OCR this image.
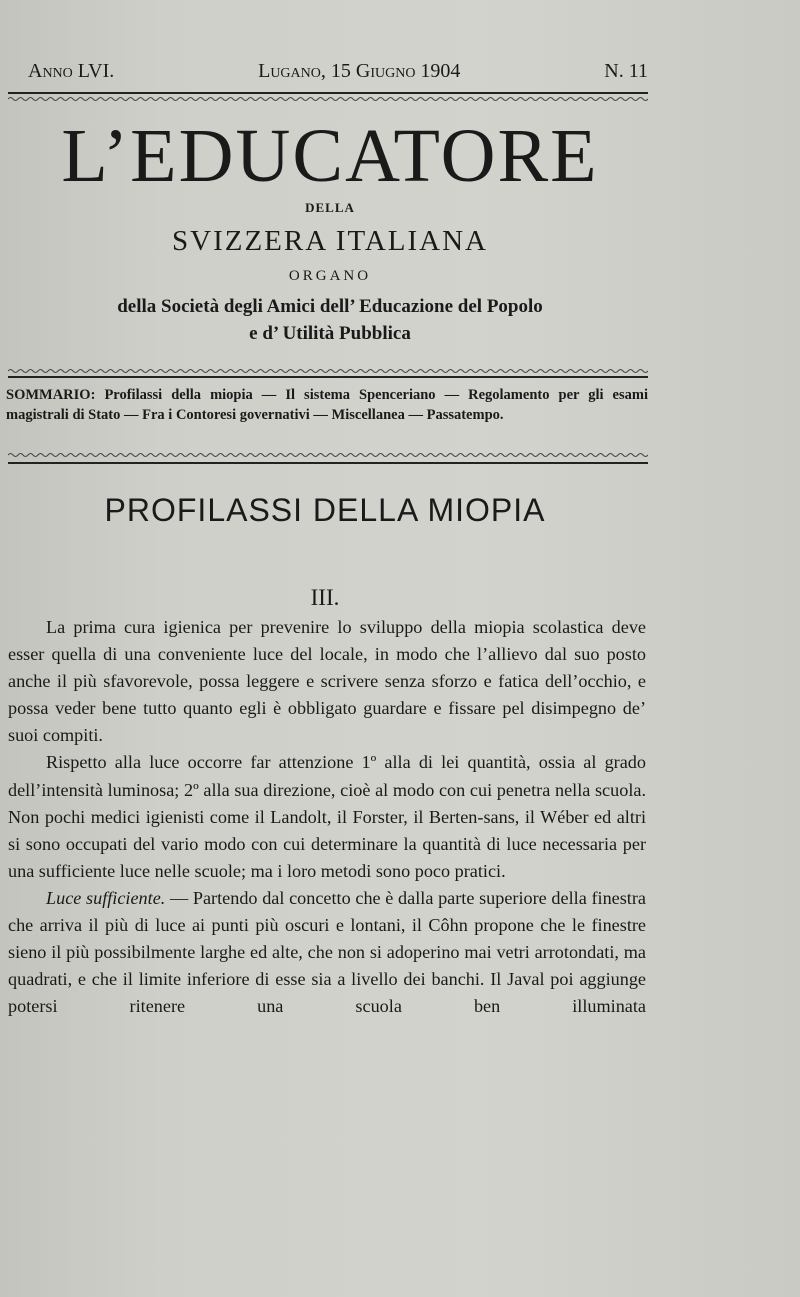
Anno LVI.	Lugano, 15 Giugno 1904	N. 11
L’EDUCATORE
DELLA
SVIZZERA ITALIANA
ORGANO
della Società degli Amici dell’ Educazione del Popolo
e d’ Utilità Pubblica
SOMMARIO: Profilassi della miopia — Il sistema Spenceriano — Regolamento per gli esami magistrali di Stato — Fra i Contoresi governativi — Miscellanea — Passatempo.
PROFILASSI DELLA MIOPIA
III.

La prima cura igienica per prevenire lo sviluppo della miopia scolastica deve esser quella di una conveniente luce del locale, in modo che l’allievo dal suo posto anche il più sfavorevole, possa leggere e scrivere senza sforzo e fatica dell’occhio, e possa veder bene tutto quanto egli è obbligato guardare e fissare pel disimpegno de’ suoi compiti.

Rispetto alla luce occorre far attenzione 1º alla di lei quantità, ossia al grado dell’intensità luminosa; 2º alla sua direzione, cioè al modo con cui penetra nella scuola. Non pochi medici igienisti come il Landolt, il Forster, il Berten-sans, il Wéber ed altri si sono occupati del vario modo con cui determinare la quantità di luce necessaria per una sufficiente luce nelle scuole; ma i loro metodi sono poco pratici.

Luce sufficiente. — Partendo dal concetto che è dalla parte superiore della finestra che arriva il più di luce ai punti più oscuri e lontani, il Côhn propone che le finestre sieno il più possibilmente larghe ed alte, che non si adoperino mai vetri arrotondati, ma quadrati, e che il limite inferiore di esse sia a livello dei banchi. Il Javal poi aggiunge potersi ritenere una scuola ben illuminata
